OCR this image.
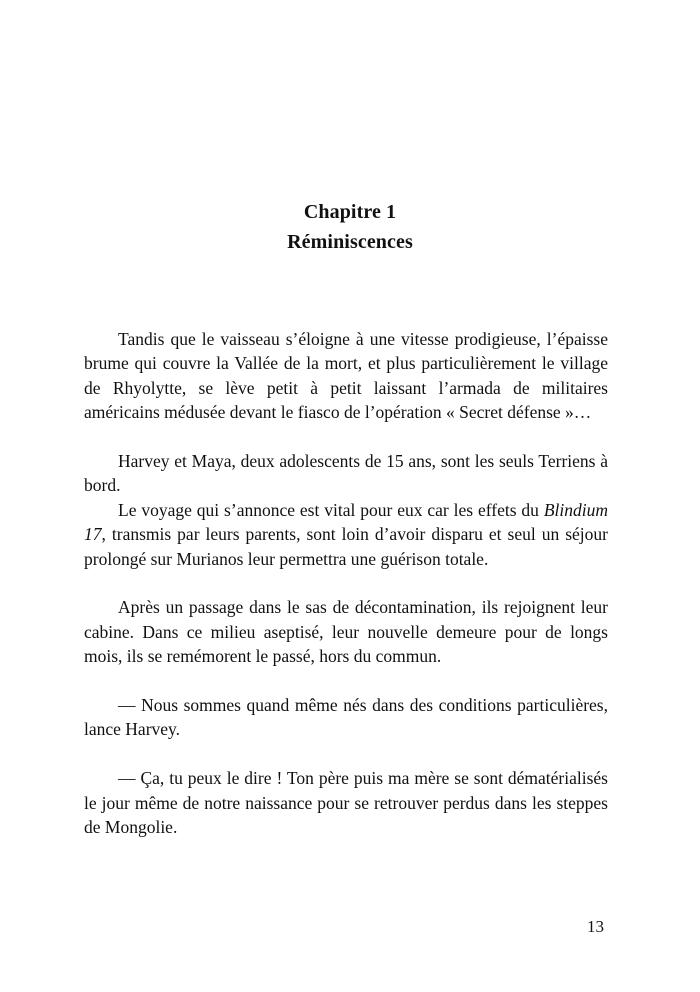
Chapitre 1
Réminiscences

Tandis que le vaisseau s’éloigne à une vitesse prodigieuse, l’épaisse brume qui couvre la Vallée de la mort, et plus particulièrement le village de Rhyolytte, se lève petit à petit laissant l’armada de militaires américains médusée devant le fiasco de l’opération « Secret défense »…

Harvey et Maya, deux adolescents de 15 ans, sont les seuls Terriens à bord.

Le voyage qui s’annonce est vital pour eux car les effets du Blindium 17, transmis par leurs parents, sont loin d’avoir disparu et seul un séjour prolongé sur Murianos leur permettra une guérison totale.

Après un passage dans le sas de décontamination, ils rejoignent leur cabine. Dans ce milieu aseptisé, leur nouvelle demeure pour de longs mois, ils se remémorent le passé, hors du commun.

— Nous sommes quand même nés dans des conditions particulières, lance Harvey.

— Ça, tu peux le dire ! Ton père puis ma mère se sont dématérialisés le jour même de notre naissance pour se retrouver perdus dans les steppes de Mongolie.

13
